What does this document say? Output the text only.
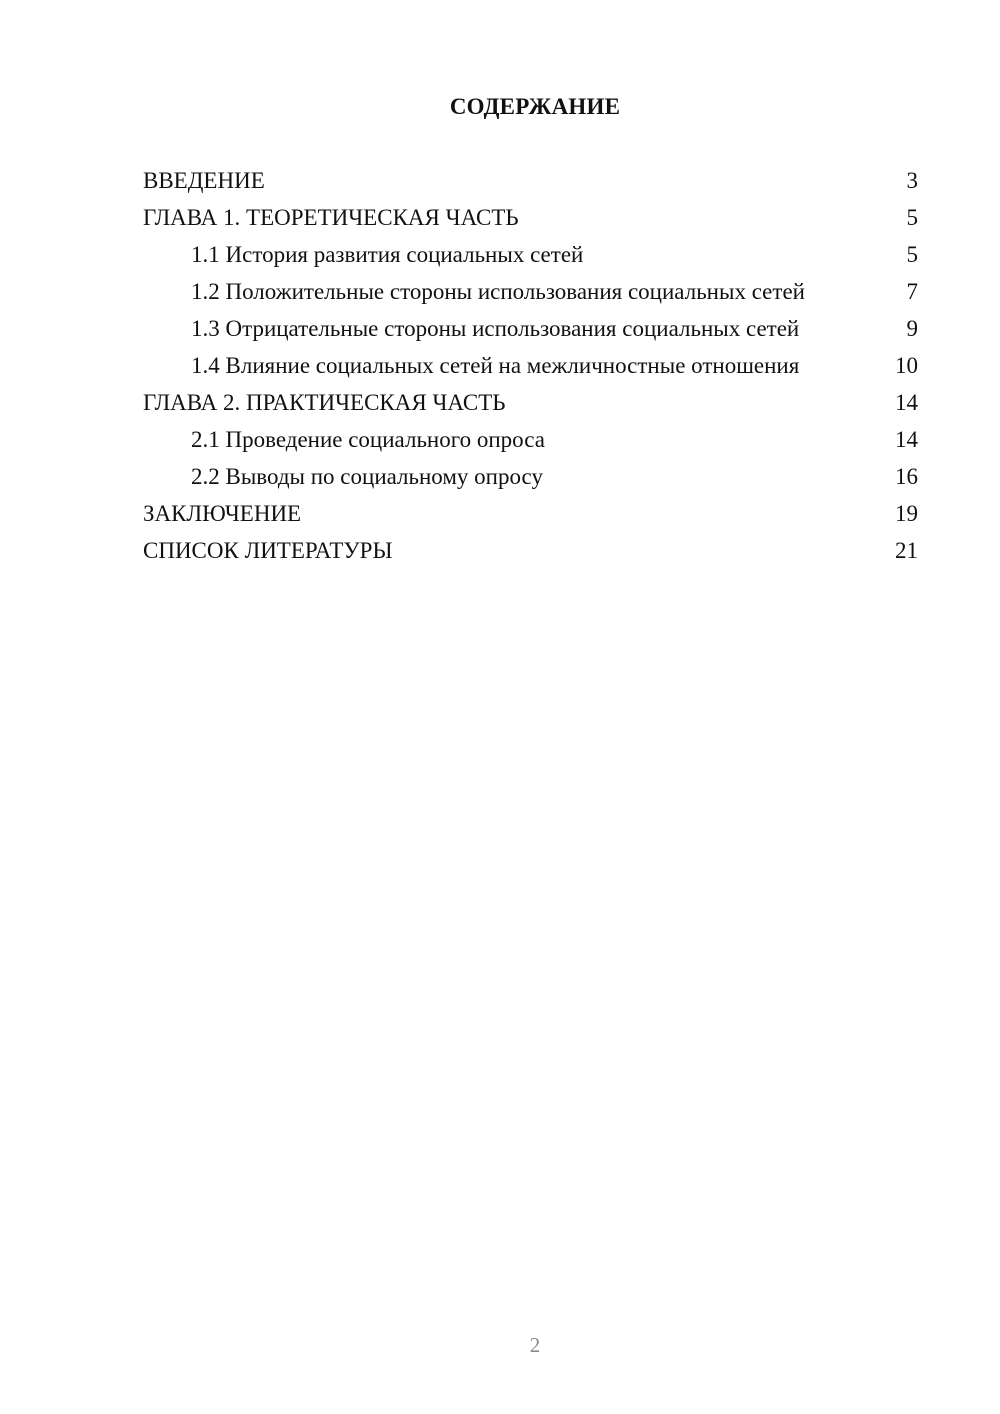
СОДЕРЖАНИЕ
ВВЕДЕНИЕ	3
ГЛАВА 1. ТЕОРЕТИЧЕСКАЯ ЧАСТЬ	5
1.1 История развития социальных сетей	5
1.2 Положительные стороны использования социальных сетей	7
1.3 Отрицательные стороны использования социальных сетей	9
1.4 Влияние социальных сетей на межличностные отношения	10
ГЛАВА 2. ПРАКТИЧЕСКАЯ ЧАСТЬ	14
2.1 Проведение социального опроса	14
2.2 Выводы по социальному опросу	16
ЗАКЛЮЧЕНИЕ	19
СПИСОК ЛИТЕРАТУРЫ	21
2
